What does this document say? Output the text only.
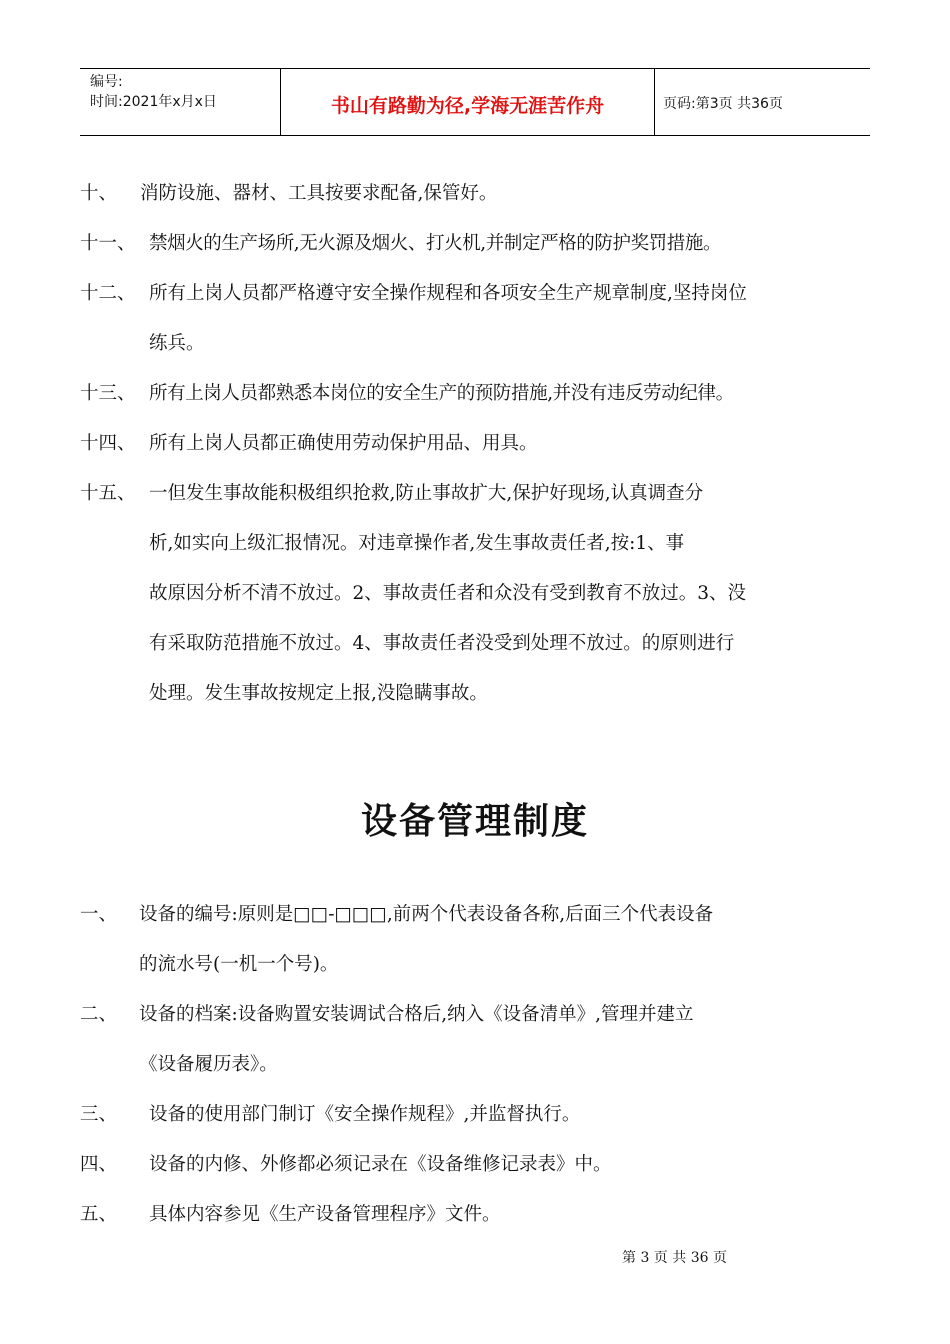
编号:
时间:2021年x月x日	书山有路勤为径,学海无涯苦作舟	页码:第3页 共36页
十、 消防设施、器材、工具按要求配备,保管好。
十一、 禁烟火的生产场所,无火源及烟火、打火机,并制定严格的防护奖罚措施。
十二、 所有上岗人员都严格遵守安全操作规程和各项安全生产规章制度,坚持岗位
练兵。
十三、 所有上岗人员都熟悉本岗位的安全生产的预防措施,并没有违反劳动纪律。
十四、 所有上岗人员都正确使用劳动保护用品、用具。
十五、 一但发生事故能积极组织抢救,防止事故扩大,保护好现场,认真调查分
析,如实向上级汇报情况。对违章操作者,发生事故责任者,按:1、事
故原因分析不清不放过。2、事故责任者和众没有受到教育不放过。3、没
有采取防范措施不放过。4、事故责任者没受到处理不放过。的原则进行
处理。发生事故按规定上报,没隐瞒事故。
设备管理制度
一、 设备的编号:原则是□□-□□□,前两个代表设备各称,后面三个代表设备
的流水号(一机一个号)。
二、 设备的档案:设备购置安装调试合格后,纳入《设备清单》,管理并建立
《设备履历表》。
三、 设备的使用部门制订《安全操作规程》,并监督执行。
四、 设备的内修、外修都必须记录在《设备维修记录表》中。
五、 具体内容参见《生产设备管理程序》文件。
第 3 页 共 36 页
